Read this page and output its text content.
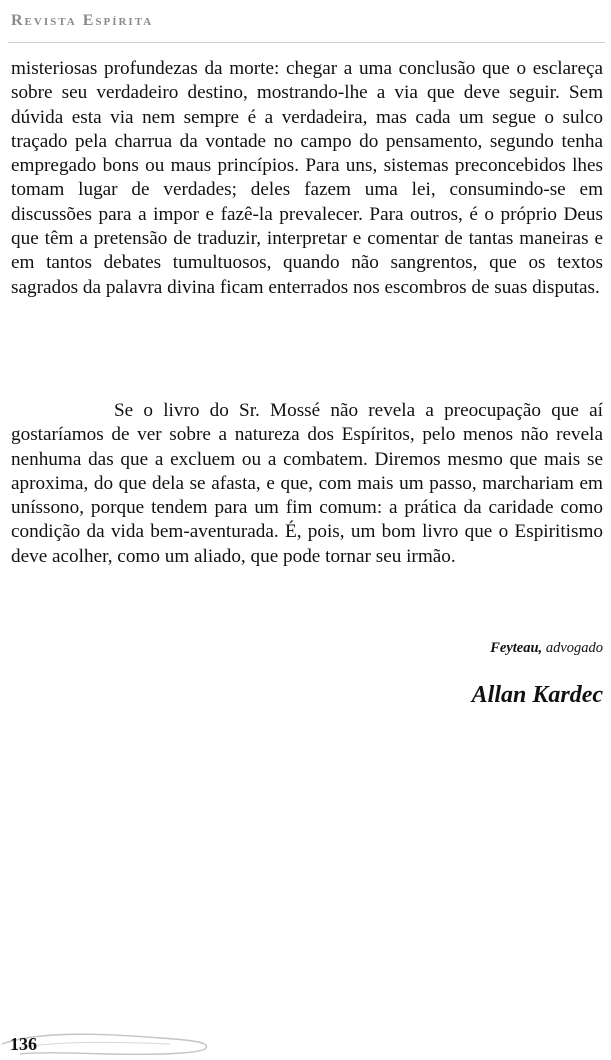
Revista Espírita

misteriosas profundezas da morte: chegar a uma conclusão que o esclareça sobre seu verdadeiro destino, mostrando-lhe a via que deve seguir. Sem dúvida esta via nem sempre é a verdadeira, mas cada um segue o sulco traçado pela charrua da vontade no campo do pensamento, segundo tenha empregado bons ou maus princípios. Para uns, sistemas preconcebidos lhes tomam lugar de verdades; deles fazem uma lei, consumindo-se em discussões para a impor e fazê-la prevalecer. Para outros, é o próprio Deus que têm a pretensão de traduzir, interpretar e comentar de tantas maneiras e em tantos debates tumultuosos, quando não sangrentos, que os textos sagrados da palavra divina ficam enterrados nos escombros de suas disputas.

Se o livro do Sr. Mossé não revela a preocupação que aí gostaríamos de ver sobre a natureza dos Espíritos, pelo menos não revela nenhuma das que a excluem ou a combatem. Diremos mesmo que mais se aproxima, do que dela se afasta, e que, com mais um passo, marchariam em uníssono, porque tendem para um fim comum: a prática da caridade como condição da vida bem-aventurada. É, pois, um bom livro que o Espiritismo deve acolher, como um aliado, que pode tornar seu irmão.

Feyteau, advogado

Allan Kardec

136
